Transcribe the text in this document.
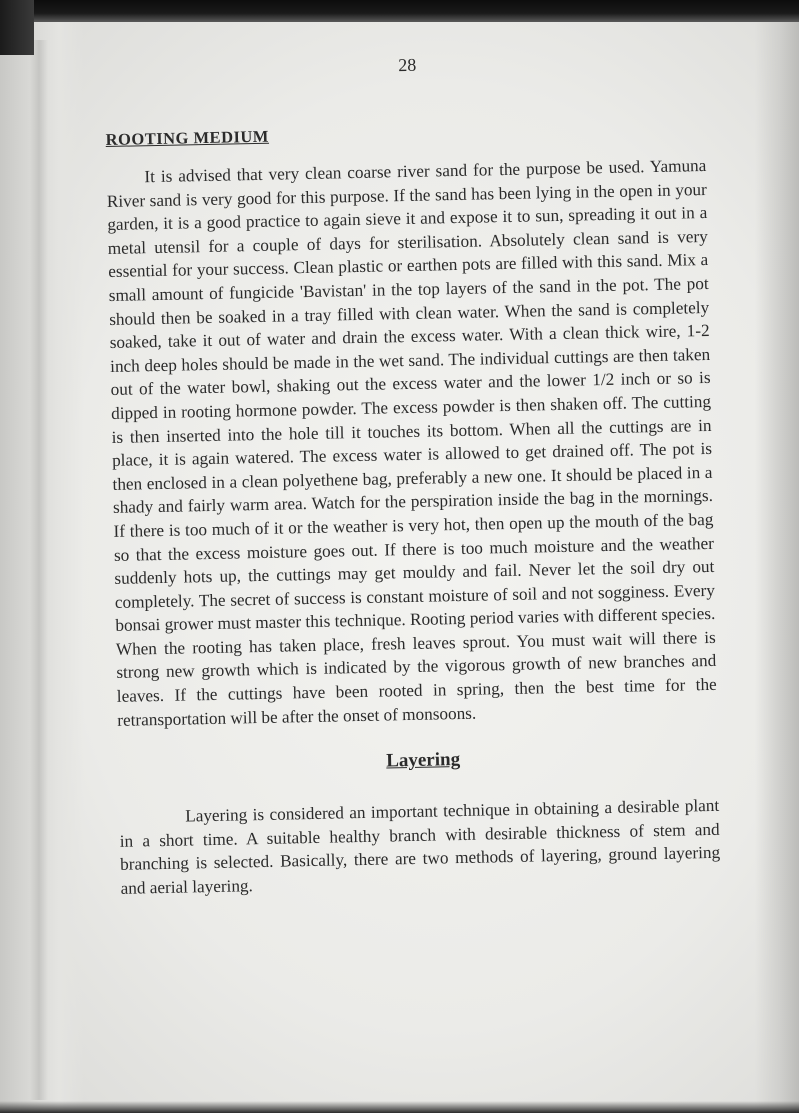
28
ROOTING MEDIUM

It is advised that very clean coarse river sand for the purpose be used. Yamuna River sand is very good for this purpose. If the sand has been lying in the open in your garden, it is a good practice to again sieve it and expose it to sun, spreading it out in a metal utensil for a couple of days for sterilisation. Absolutely clean sand is very essential for your success. Clean plastic or earthen pots are filled with this sand. Mix a small amount of fungicide 'Bavistan' in the top layers of the sand in the pot. The pot should then be soaked in a tray filled with clean water. When the sand is completely soaked, take it out of water and drain the excess water. With a clean thick wire, 1-2 inch deep holes should be made in the wet sand. The individual cuttings are then taken out of the water bowl, shaking out the excess water and the lower 1/2 inch or so is dipped in rooting hormone powder. The excess powder is then shaken off. The cutting is then inserted into the hole till it touches its bottom. When all the cuttings are in place, it is again watered. The excess water is allowed to get drained off. The pot is then enclosed in a clean polyethene bag, preferably a new one. It should be placed in a shady and fairly warm area. Watch for the perspiration inside the bag in the mornings. If there is too much of it or the weather is very hot, then open up the mouth of the bag so that the excess moisture goes out. If there is too much moisture and the weather suddenly hots up, the cuttings may get mouldy and fail. Never let the soil dry out completely. The secret of success is constant moisture of soil and not sogginess. Every bonsai grower must master this technique. Rooting period varies with different species. When the rooting has taken place, fresh leaves sprout. You must wait will there is strong new growth which is indicated by the vigorous growth of new branches and leaves. If the cuttings have been rooted in spring, then the best time for the retransportation will be after the onset of monsoons.

Layering

Layering is considered an important technique in obtaining a desirable plant in a short time. A suitable healthy branch with desirable thickness of stem and branching is selected. Basically, there are two methods of layering, ground layering and aerial layering.
